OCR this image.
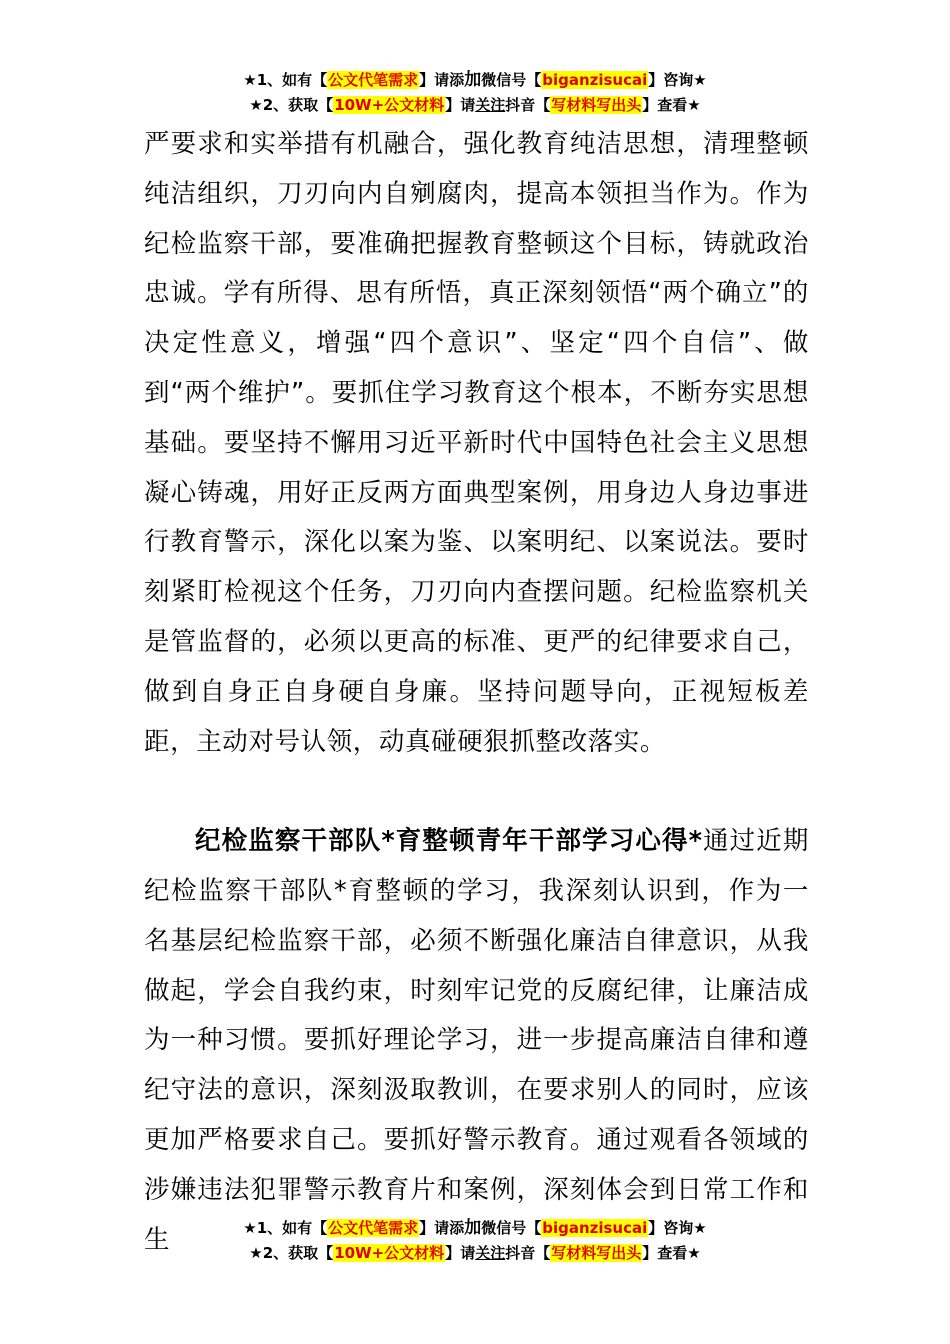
★1、如有【公文代笔需求】请添加微信号【biganzisucai】咨询★
★2、获取【10W+公文材料】请关注抖音【写材料写出头】查看★

严要求和实举措有机融合，强化教育纯洁思想，清理整顿纯洁组织，刀刃向内自剜腐肉，提高本领担当作为。作为纪检监察干部，要准确把握教育整顿这个目标，铸就政治忠诚。学有所得、思有所悟，真正深刻领悟“两个确立”的决定性意义，增强“四个意识”、坚定“四个自信”、做到“两个维护”。要抓住学习教育这个根本，不断夯实思想基础。要坚持不懈用习近平新时代中国特色社会主义思想凝心铸魂，用好正反两方面典型案例，用身边人身边事进行教育警示，深化以案为鉴、以案明纪、以案说法。要时刻紧盯检视这个任务，刀刃向内查摆问题。纪检监察机关是管监督的，必须以更高的标准、更严的纪律要求自己，做到自身正自身硬自身廉。坚持问题导向，正视短板差距，主动对号认领，动真碰硬狠抓整改落实。

纪检监察干部队*育整顿青年干部学习心得*通过近期纪检监察干部队*育整顿的学习，我深刻认识到，作为一名基层纪检监察干部，必须不断强化廉洁自律意识，从我做起，学会自我约束，时刻牢记党的反腐纪律，让廉洁成为一种习惯。要抓好理论学习，进一步提高廉洁自律和遵纪守法的意识，深刻汲取教训，在要求别人的同时，应该更加严格要求自己。要抓好警示教育。通过观看各领域的涉嫌违法犯罪警示教育片和案例，深刻体会到日常工作和生	★1、如有【公文代笔需求】请添加微信号【biganzisucai】咨询★
★2、获取【10W+公文材料】请关注抖音【写材料写出头】查看★
